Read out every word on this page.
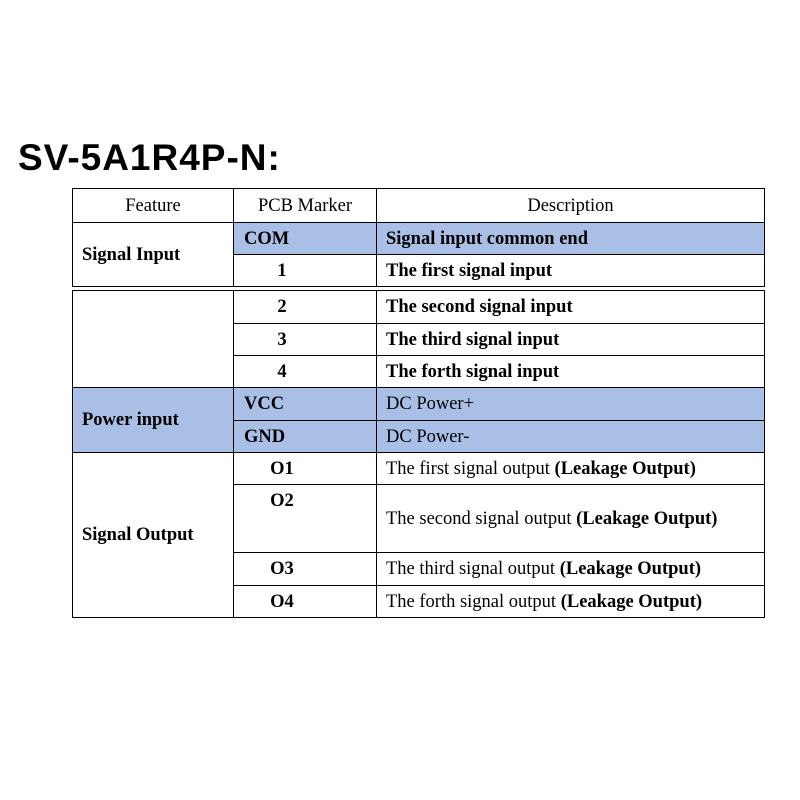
SV-5A1R4P-N:
Feature	PCB Marker	Description
Signal Input	COM	Signal input common end
	1	The first signal input
	2	The second signal input
	3	The third signal input
	4	The forth signal input
Power input	VCC	DC Power+
	GND	DC Power-
Signal Output	O1	The first signal output (Leakage Output)
	O2	The second signal output (Leakage Output)
	O3	The third signal output (Leakage Output)
	O4	The forth signal output (Leakage Output)
